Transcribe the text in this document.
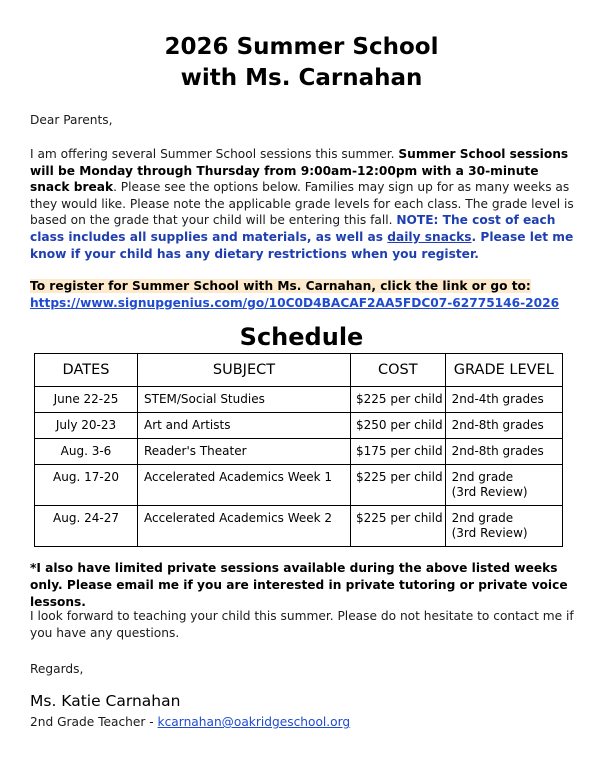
2026 Summer School
with Ms. Carnahan
Dear Parents,
I am offering several Summer School sessions this summer. Summer School sessions will be Monday through Thursday from 9:00am-12:00pm with a 30-minute snack break. Please see the options below. Families may sign up for as many weeks as they would like. Please note the applicable grade levels for each class. The grade level is based on the grade that your child will be entering this fall. NOTE: The cost of each class includes all supplies and materials, as well as daily snacks. Please let me know if your child has any dietary restrictions when you register.
To register for Summer School with Ms. Carnahan, click the link or go to:
https://www.signupgenius.com/go/10C0D4BACAF2AA5FDC07-62775146-2026
Schedule
DATES	SUBJECT	COST	GRADE LEVEL
June 22-25	STEM/Social Studies	$225 per child	2nd-4th grades
July 20-23	Art and Artists	$250 per child	2nd-8th grades
Aug. 3-6	Reader's Theater	$175 per child	2nd-8th grades
Aug. 17-20	Accelerated Academics Week 1	$225 per child	2nd grade
(3rd Review)
Aug. 24-27	Accelerated Academics Week 2	$225 per child	2nd grade
(3rd Review)
*I also have limited private sessions available during the above listed weeks only. Please email me if you are interested in private tutoring or private voice lessons.
I look forward to teaching your child this summer. Please do not hesitate to contact me if you have any questions.
Regards,
Ms. Katie Carnahan
2nd Grade Teacher - kcarnahan@oakridgeschool.org
